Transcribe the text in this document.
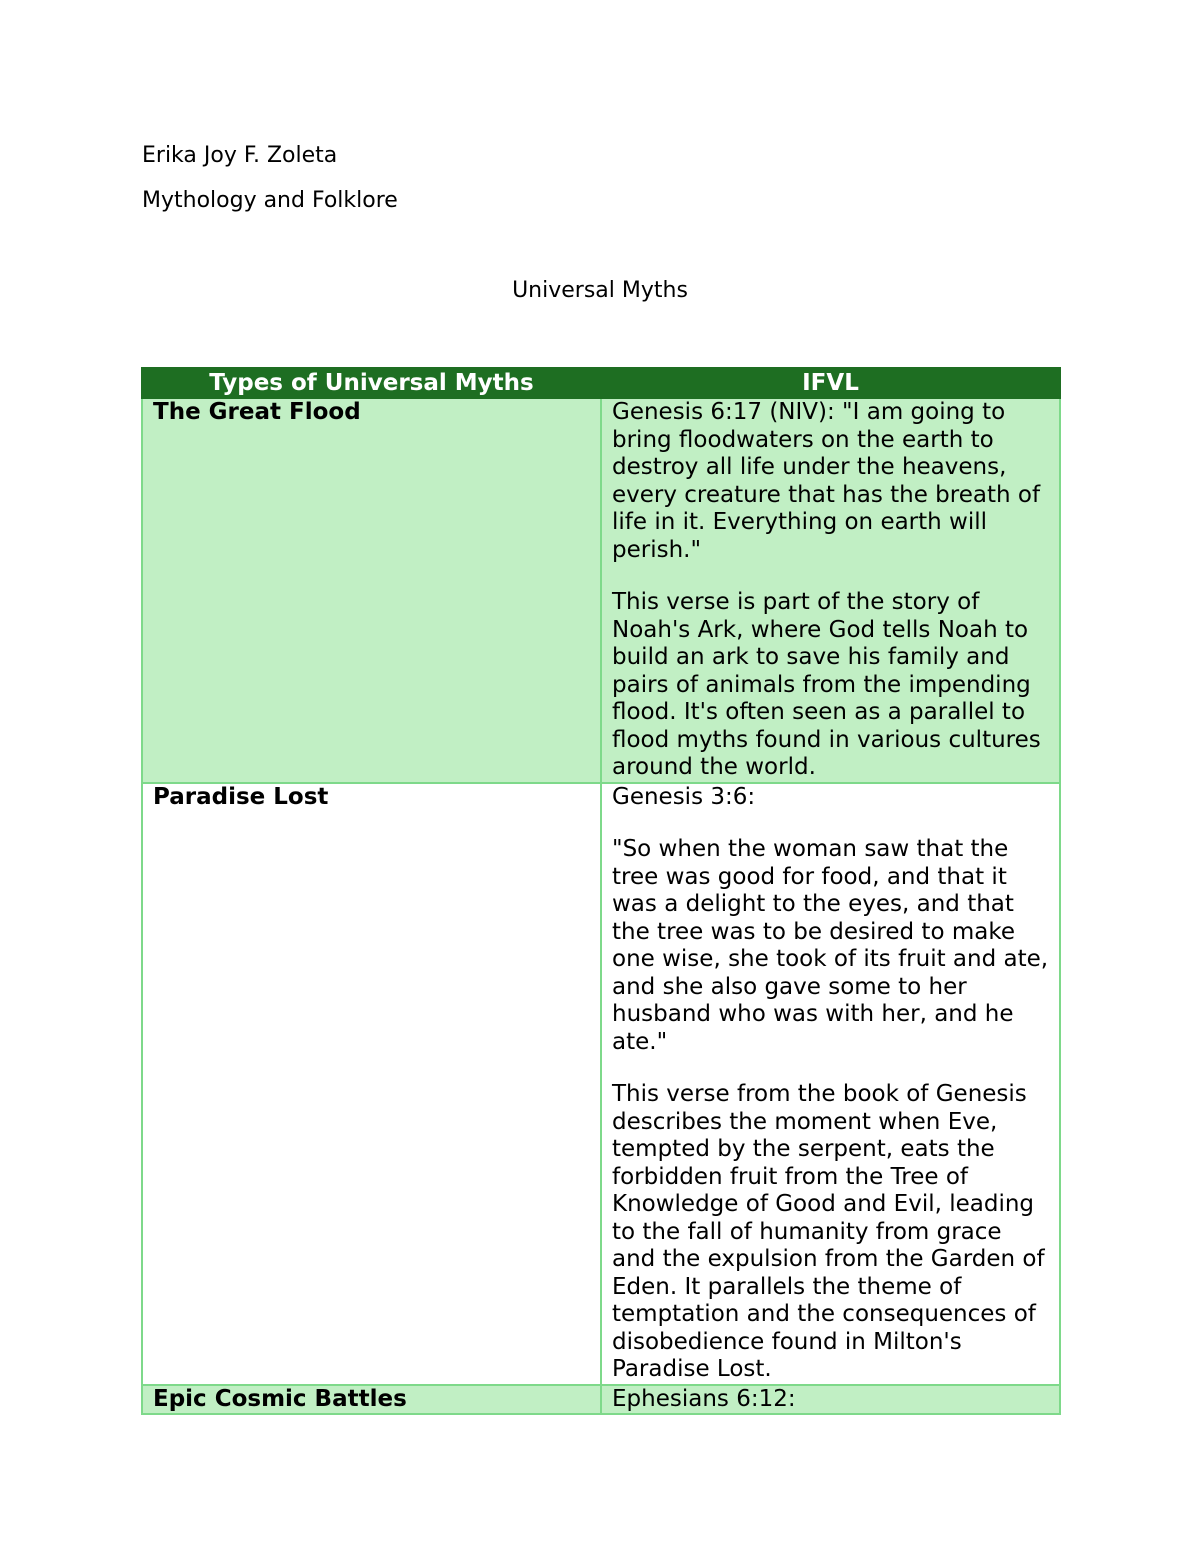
Erika Joy F. Zoleta
Mythology and Folklore
Universal Myths
Types of Universal Myths	IFVL
The Great Flood	Genesis 6:17 (NIV): "I am going to bring floodwaters on the earth to destroy all life under the heavens, every creature that has the breath of life in it. Everything on earth will perish."

This verse is part of the story of Noah's Ark, where God tells Noah to build an ark to save his family and pairs of animals from the impending flood. It's often seen as a parallel to flood myths found in various cultures around the world.

Paradise Lost	Genesis 3:6:

"So when the woman saw that the tree was good for food, and that it was a delight to the eyes, and that the tree was to be desired to make one wise, she took of its fruit and ate, and she also gave some to her husband who was with her, and he ate."

This verse from the book of Genesis describes the moment when Eve, tempted by the serpent, eats the forbidden fruit from the Tree of Knowledge of Good and Evil, leading to the fall of humanity from grace and the expulsion from the Garden of Eden. It parallels the theme of temptation and the consequences of disobedience found in Milton's Paradise Lost.

Epic Cosmic Battles	Ephesians 6:12:
